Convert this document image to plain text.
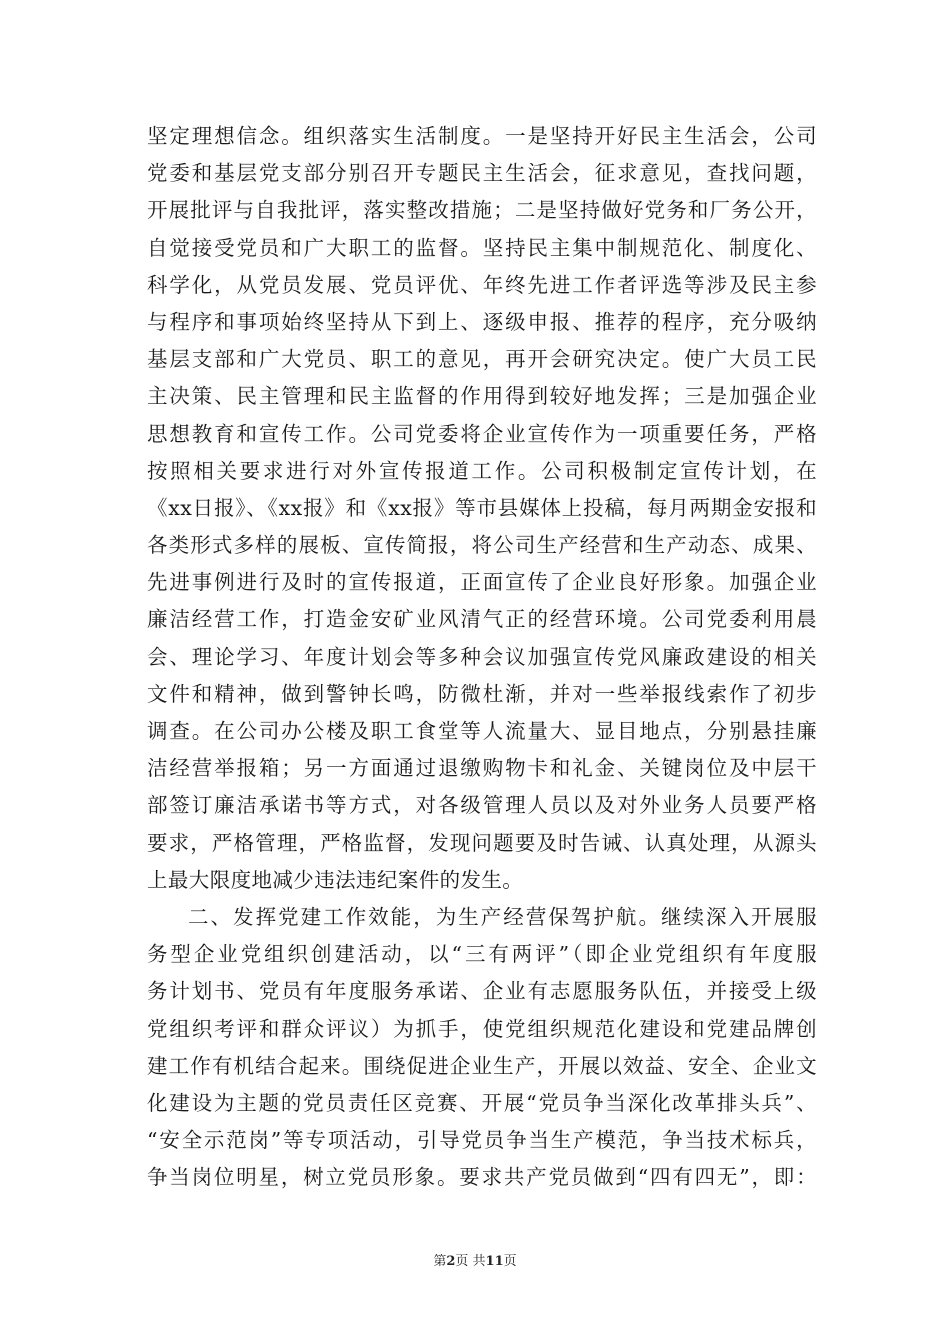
坚定理想信念。组织落实生活制度。一是坚持开好民主生活会，公司
党委和基层党支部分别召开专题民主生活会，征求意见，查找问题，
开展批评与自我批评，落实整改措施；二是坚持做好党务和厂务公开，
自觉接受党员和广大职工的监督。坚持民主集中制规范化、制度化、
科学化，从党员发展、党员评优、年终先进工作者评选等涉及民主参
与程序和事项始终坚持从下到上、逐级申报、推荐的程序，充分吸纳
基层支部和广大党员、职工的意见，再开会研究决定。使广大员工民
主决策、民主管理和民主监督的作用得到较好地发挥；三是加强企业
思想教育和宣传工作。公司党委将企业宣传作为一项重要任务，严格
按照相关要求进行对外宣传报道工作。公司积极制定宣传计划，在
《xx日报》、《xx报》和《xx报》等市县媒体上投稿，每月两期金安报和
各类形式多样的展板、宣传简报，将公司生产经营和生产动态、成果、
先进事例进行及时的宣传报道，正面宣传了企业良好形象。加强企业
廉洁经营工作，打造金安矿业风清气正的经营环境。公司党委利用晨
会、理论学习、年度计划会等多种会议加强宣传党风廉政建设的相关
文件和精神，做到警钟长鸣，防微杜渐，并对一些举报线索作了初步
调查。在公司办公楼及职工食堂等人流量大、显目地点，分别悬挂廉
洁经营举报箱；另一方面通过退缴购物卡和礼金、关键岗位及中层干
部签订廉洁承诺书等方式，对各级管理人员以及对外业务人员要严格
要求，严格管理，严格监督，发现问题要及时告诫、认真处理，从源头
上最大限度地减少违法违纪案件的发生。
二、发挥党建工作效能，为生产经营保驾护航。继续深入开展服
务型企业党组织创建活动，以“三有两评”（即企业党组织有年度服
务计划书、党员有年度服务承诺、企业有志愿服务队伍，并接受上级
党组织考评和群众评议）为抓手，使党组织规范化建设和党建品牌创
建工作有机结合起来。围绕促进企业生产，开展以效益、安全、企业文
化建设为主题的党员责任区竞赛、开展“党员争当深化改革排头兵”、
“安全示范岗”等专项活动，引导党员争当生产模范，争当技术标兵，
争当岗位明星，树立党员形象。要求共产党员做到“四有四无”，即：
第2页 共11页
